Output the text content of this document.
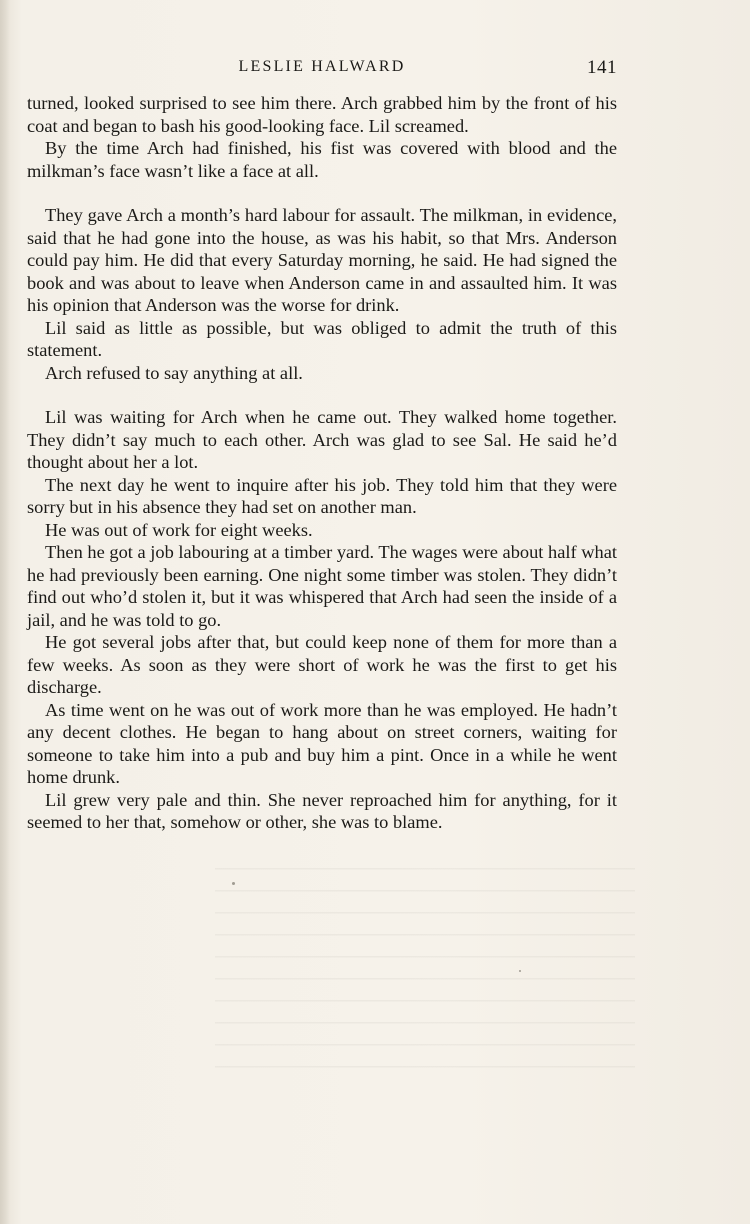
LESLIE HALWARD	141

turned, looked surprised to see him there. Arch grabbed him by the front of his coat and began to bash his good-looking face. Lil screamed.

By the time Arch had finished, his fist was covered with blood and the milkman’s face wasn’t like a face at all.

They gave Arch a month’s hard labour for assault. The milkman, in evidence, said that he had gone into the house, as was his habit, so that Mrs. Anderson could pay him. He did that every Saturday morning, he said. He had signed the book and was about to leave when Anderson came in and assaulted him. It was his opinion that Anderson was the worse for drink.

Lil said as little as possible, but was obliged to admit the truth of this statement.

Arch refused to say anything at all.

Lil was waiting for Arch when he came out. They walked home together. They didn’t say much to each other. Arch was glad to see Sal. He said he’d thought about her a lot.

The next day he went to inquire after his job. They told him that they were sorry but in his absence they had set on another man.

He was out of work for eight weeks.

Then he got a job labouring at a timber yard. The wages were about half what he had previously been earning. One night some timber was stolen. They didn’t find out who’d stolen it, but it was whispered that Arch had seen the inside of a jail, and he was told to go.

He got several jobs after that, but could keep none of them for more than a few weeks. As soon as they were short of work he was the first to get his discharge.

As time went on he was out of work more than he was employed. He hadn’t any decent clothes. He began to hang about on street corners, waiting for someone to take him into a pub and buy him a pint. Once in a while he went home drunk.

Lil grew very pale and thin. She never reproached him for anything, for it seemed to her that, somehow or other, she was to blame.
